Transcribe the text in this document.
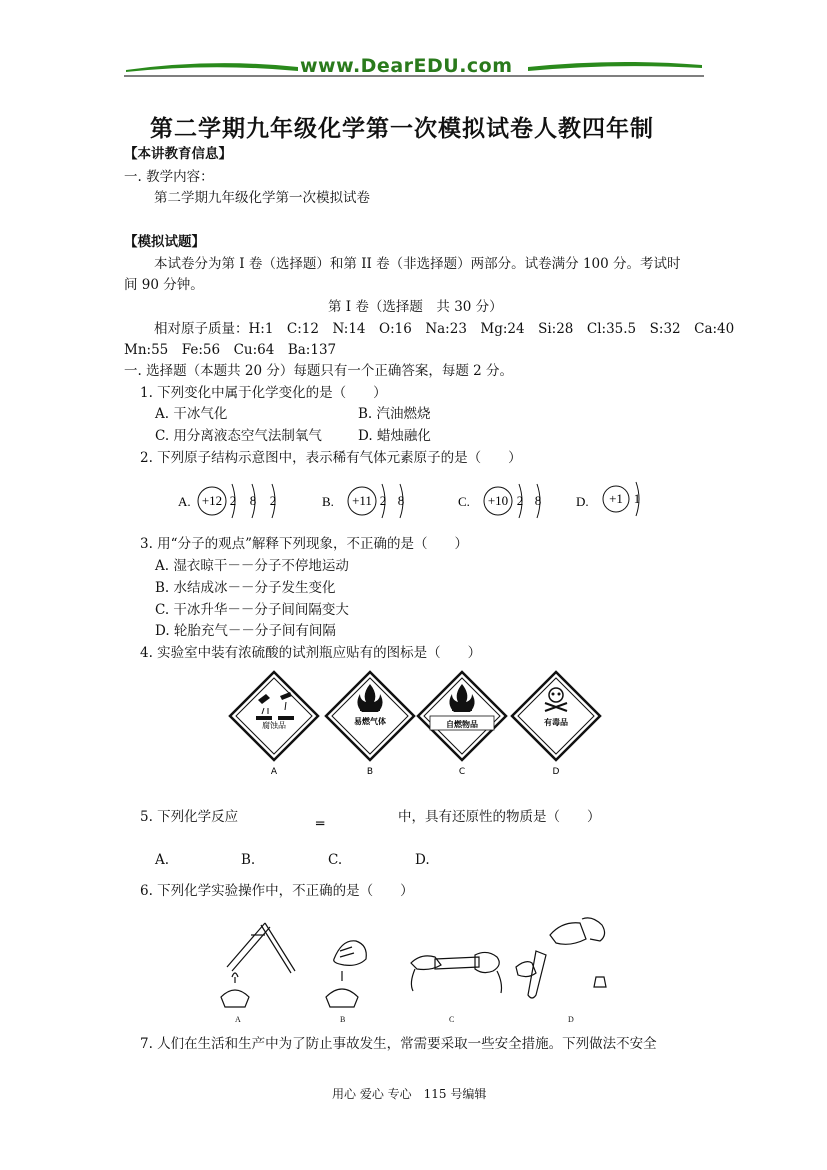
www.DearEDU.com
第二学期九年级化学第一次模拟试卷人教四年制
【本讲教育信息】
一. 教学内容：
第二学期九年级化学第一次模拟试卷
【模拟试题】
本试卷分为第 I 卷（选择题）和第 II 卷（非选择题）两部分。试卷满分 100 分。考试时
间 90 分钟。
第 I 卷（选择题　共 30 分）
相对原子质量：H:1　C:12　N:14　O:16　Na:23　Mg:24　Si:28　Cl:35.5　S:32　Ca:40
Mn:55　Fe:56　Cu:64　Ba:137
一. 选择题（本题共 20 分）每题只有一个正确答案，每题 2 分。
1. 下列变化中属于化学变化的是（　　）
A. 干冰气化	B. 汽油燃烧
C. 用分离液态空气法制氧气	D. 蜡烛融化
2. 下列原子结构示意图中，表示稀有气体元素原子的是（　　）
A. +12 2 8 2	B. +11 2 8	C. +10 2 8	D. +1 1
3. 用“分子的观点”解释下列现象，不正确的是（　　）
A. 湿衣晾干－－分子不停地运动
B. 水结成冰－－分子发生变化
C. 干冰升华－－分子间间隔变大
D. 轮胎充气－－分子间有间隔
4. 实验室中装有浓硫酸的试剂瓶应贴有的图标是（　　）
腐蚀品
A
易燃气体
B
自燃物品
C
有毒品
D
5. 下列化学反应	═	中，具有还原性的物质是（　　）
A.	B.	C.	D.
6. 下列化学实验操作中，不正确的是（　　）
A	B	C	D
7. 人们在生活和生产中为了防止事故发生，常需要采取一些安全措施。下列做法不安全
用心 爱心 专心　115 号编辑
